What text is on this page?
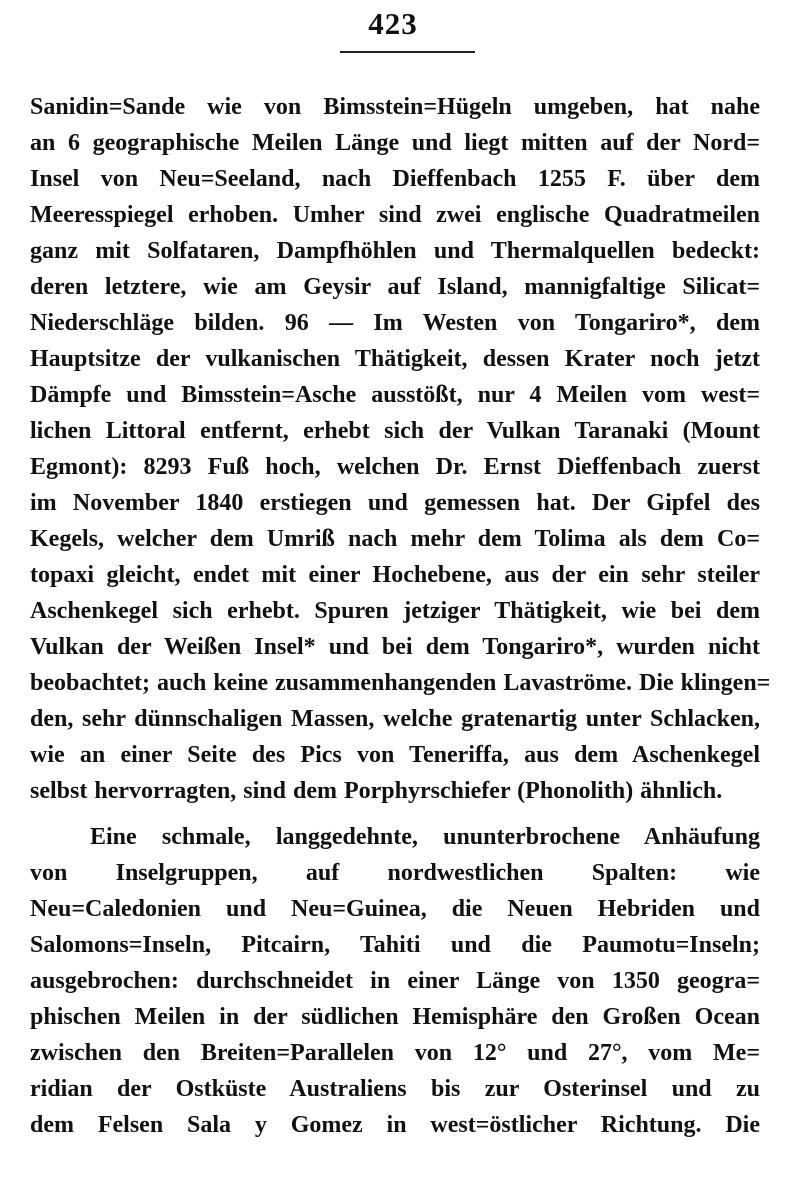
423
Sanidin=Sande wie von Bimsstein=Hügeln umgeben, hat nahe
an 6 geographische Meilen Länge und liegt mitten auf der Nord=
Insel von Neu=Seeland, nach Dieffenbach 1255 F. über dem
Meeresspiegel erhoben. Umher sind zwei englische Quadratmeilen
ganz mit Solfataren, Dampfhöhlen und Thermalquellen bedeckt:
deren letztere, wie am Geysir auf Island, mannigfaltige Silicat=
Niederschläge bilden. 96 — Im Westen von Tongariro*, dem
Hauptsitze der vulkanischen Thätigkeit, dessen Krater noch jetzt
Dämpfe und Bimsstein=Asche ausstößt, nur 4 Meilen vom west=
lichen Littoral entfernt, erhebt sich der Vulkan Taranaki (Mount
Egmont): 8293 Fuß hoch, welchen Dr. Ernst Dieffenbach zuerst
im November 1840 erstiegen und gemessen hat. Der Gipfel des
Kegels, welcher dem Umriß nach mehr dem Tolima als dem Co=
topaxi gleicht, endet mit einer Hochebene, aus der ein sehr steiler
Aschenkegel sich erhebt. Spuren jetziger Thätigkeit, wie bei dem
Vulkan der Weißen Insel* und bei dem Tongariro*, wurden nicht
beobachtet; auch keine zusammenhangenden Lavaströme. Die klingen=
den, sehr dünnschaligen Massen, welche gratenartig unter Schlacken,
wie an einer Seite des Pics von Teneriffa, aus dem Aschenkegel
selbst hervorragten, sind dem Porphyrschiefer (Phonolith) ähnlich.
Eine schmale, langgedehnte, ununterbrochene Anhäufung
von Inselgruppen, auf nordwestlichen Spalten: wie
Neu=Caledonien und Neu=Guinea, die Neuen Hebriden und
Salomons=Inseln, Pitcairn, Tahiti und die Paumotu=Inseln;
ausgebrochen: durchschneidet in einer Länge von 1350 geogra=
phischen Meilen in der südlichen Hemisphäre den Großen Ocean
zwischen den Breiten=Parallelen von 12° und 27°, vom Me=
ridian der Ostküste Australiens bis zur Osterinsel und zu
dem Felsen Sala y Gomez in west=östlicher Richtung. Die
